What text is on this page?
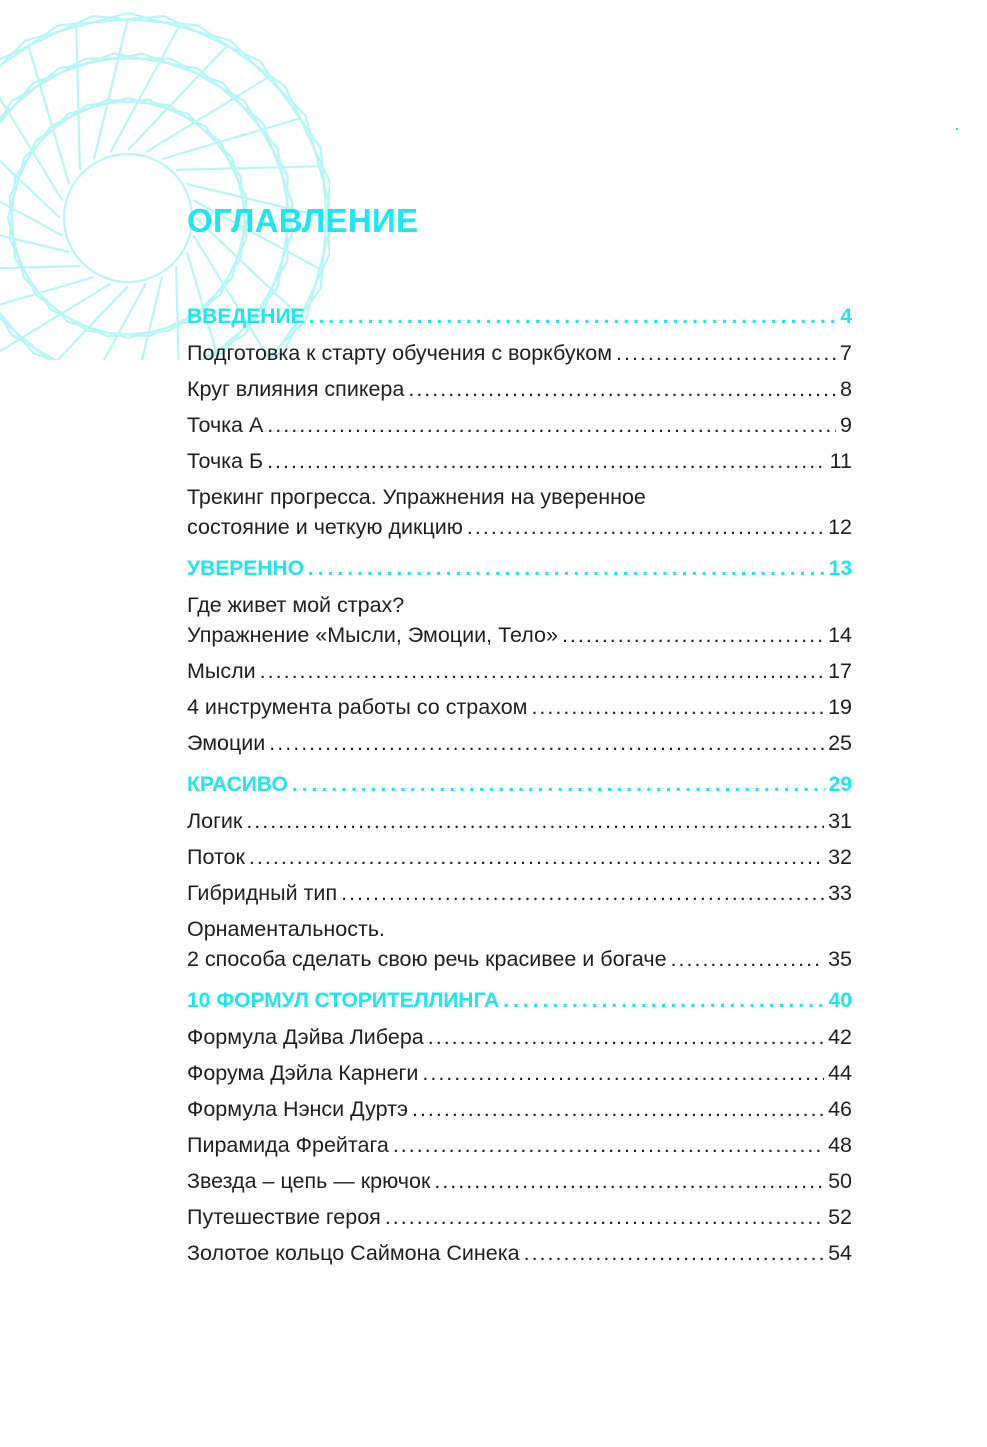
ОГЛАВЛЕНИЕ
ВВЕДЕНИЕ .....	4
Подготовка к старту обучения с воркбуком .....	7
Круг влияния спикера .....	8
Точка А .....	9
Точка Б .....	11
Трекинг прогресса. Упражнения на уверенное
состояние и четкую дикцию .....	12
УВЕРЕННО .....	13
Где живет мой страх?
Упражнение «Мысли, Эмоции, Тело» .....	14
Мысли .....	17
4 инструмента работы со страхом .....	19
Эмоции .....	25
КРАСИВО .....	29
Логик .....	31
Поток .....	32
Гибридный тип .....	33
Орнаментальность.
2 способа сделать свою речь красивее и богаче .....	35
10 ФОРМУЛ СТОРИТЕЛЛИНГА .....	40
Формула Дэйва Либера .....	42
Форума Дэйла Карнеги .....	44
Формула Нэнси Дуртэ .....	46
Пирамида Фрейтага .....	48
Звезда – цепь — крючок .....	50
Путешествие героя .....	52
Золотое кольцо Саймона Синека .....	54
